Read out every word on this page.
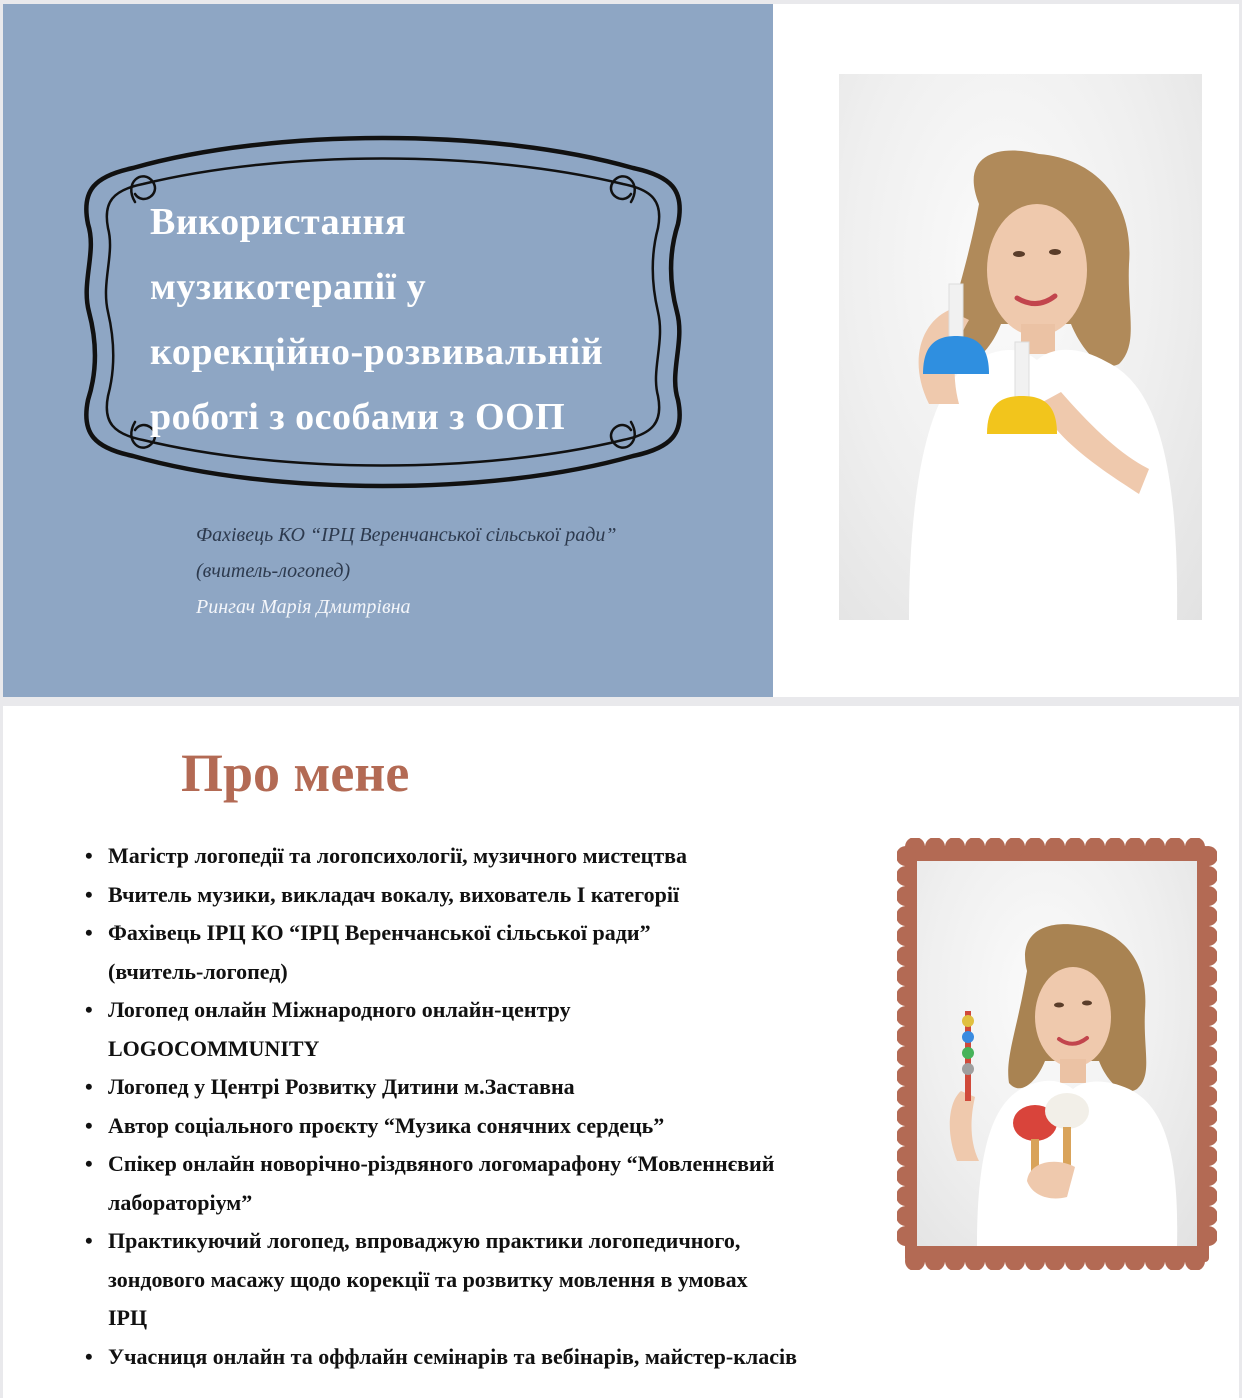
Використання
музикотерапії у
корекційно-розвивальній
роботі з особами з ООП
Фахівець КО “ІРЦ Веренчанської сільської ради”
(вчитель-логопед)
Рингач Марія Дмитрівна
Про мене
• Магістр логопедії та логопсихології, музичного мистецтва
• Вчитель музики, викладач вокалу, вихователь I категорії
• Фахівець ІРЦ КО “ІРЦ Веренчанської сільської ради”
(вчитель-логопед)
• Логопед онлайн Міжнародного онлайн-центру
LOGOCOMMUNITY
• Логопед у Центрі Розвитку Дитини м.Заставна
• Автор соціального проєкту “Музика сонячних сердець”
• Спікер онлайн новорічно-різдвяного логомарафону “Мовленнєвий
лабораторіум”
• Практикуючий логопед, впроваджую практики логопедичного,
зондового масажу щодо корекції та розвитку мовлення в умовах
ІРЦ
• Учасниця онлайн та оффлайн семінарів та вебінарів, майстер-класів
